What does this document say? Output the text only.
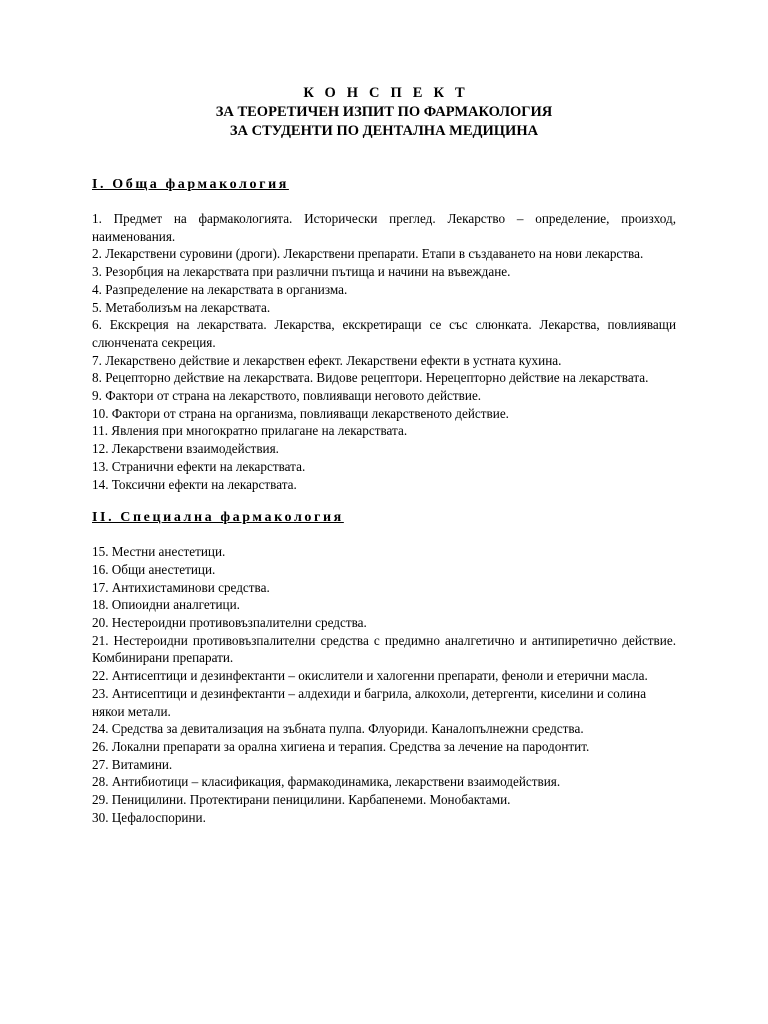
КОНСПЕКТ
ЗА ТЕОРЕТИЧЕН ИЗПИТ ПО ФАРМАКОЛОГИЯ
ЗА СТУДЕНТИ ПО ДЕНТАЛНА МЕДИЦИНА
I. Обща фармакология
1. Предмет на фармакологията. Исторически преглед. Лекарство – определение, произход, наименования.
2. Лекарствени суровини (дроги). Лекарствени препарати. Етапи в създаването на нови лекарства.
3. Резорбция на лекарствата при различни пътища и начини на въвеждане.
4. Разпределение на лекарствата в организма.
5. Метаболизъм на лекарствата.
6. Екскреция на лекарствата. Лекарства, екскретиращи се със слюнката. Лекарства, повлияващи слюнчената секреция.
7. Лекарствено действие и лекарствен ефект. Лекарствени ефекти в устната кухина.
8. Рецепторно действие на лекарствата. Видове рецептори. Нерецепторно действие на лекарствата.
9. Фактори от страна на лекарството, повлияващи неговото действие.
10. Фактори от страна на организма, повлияващи лекарственото действие.
11. Явления при многократно прилагане на лекарствата.
12. Лекарствени взаимодействия.
13. Странични ефекти на лекарствата.
14. Токсични ефекти на лекарствата.
II. Специална фармакология
15. Местни анестетици.
16. Общи анестетици.
17. Антихистаминови средства.
18. Опиоидни аналгетици.
20. Нестероидни противовъзпалителни средства.
21. Нестероидни противовъзпалителни средства с предимно аналгетично и антипиретично действие. Комбинирани препарати.
22. Антисептици и дезинфектанти – окислители и халогенни препарати, феноли и етерични масла.
23. Антисептици и дезинфектанти – алдехиди и багрила, алкохоли, детергенти, киселини и солина някои метали.
24. Средства за девитализация на зъбната пулпа. Флуориди. Каналопълнежни средства.
26. Локални препарати за орална хигиена и терапия. Средства за лечение на пародонтит.
27. Витамини.
28. Антибиотици – класификация, фармакодинамика, лекарствени взаимодействия.
29. Пеницилини. Протектирани пеницилини. Карбапенеми. Монобактами.
30. Цефалоспорини.
